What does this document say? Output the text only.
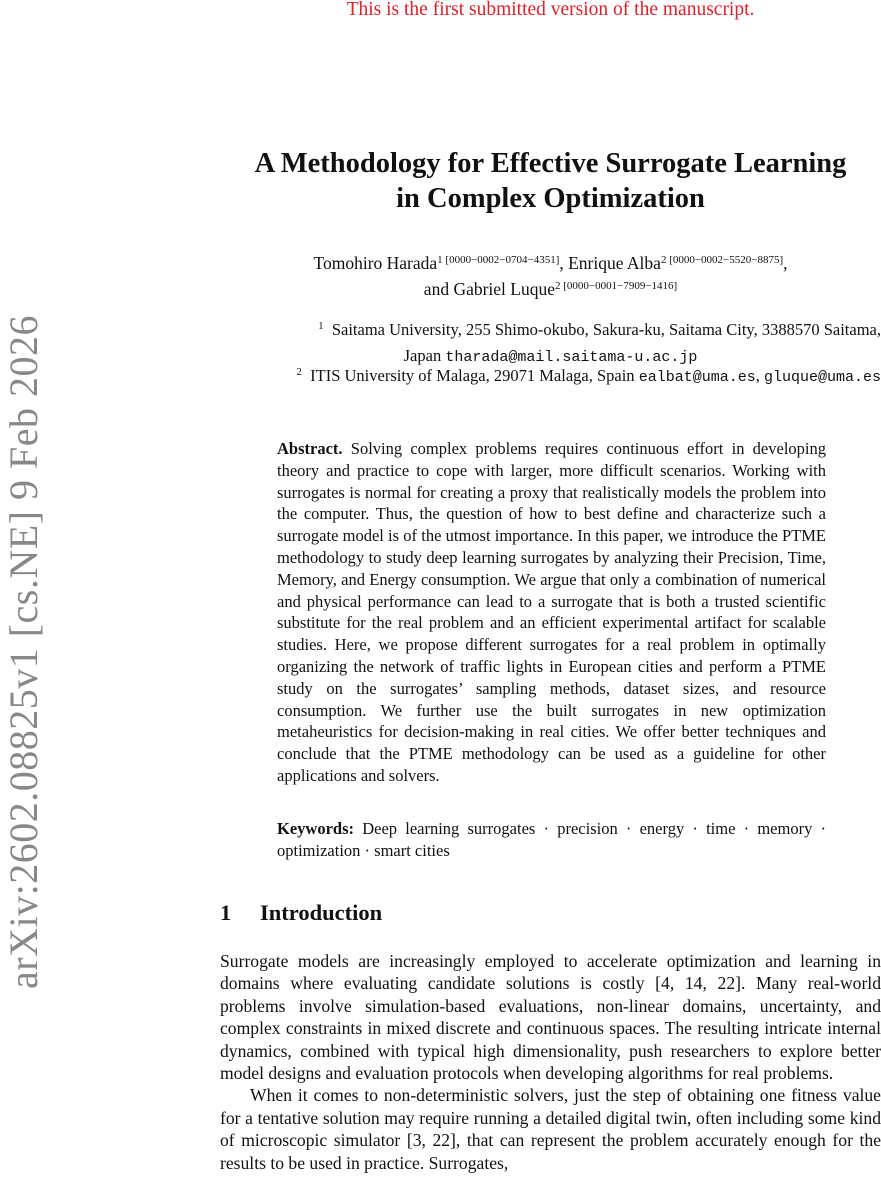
This is the first submitted version of the manuscript.
arXiv:2602.08825v1 [cs.NE] 9 Feb 2026
A Methodology for Effective Surrogate Learning
in Complex Optimization
Tomohiro Harada$^{1 [0000-0002-0704-4351]}$, Enrique Alba$^{2 [0000-0002-5520-8875]}$,
and Gabriel Luque$^{2 [0000-0001-7909-1416]}$
$^1$ Saitama University, 255 Shimo-okubo, Sakura-ku, Saitama City, 3388570 Saitama,
Japan tharada@mail.saitama-u.ac.jp
$^2$ ITIS University of Malaga, 29071 Malaga, Spain ealbat@uma.es, gluque@uma.es
Abstract. Solving complex problems requires continuous effort in developing theory and practice to cope with larger, more difficult scenarios. Working with surrogates is normal for creating a proxy that realistically models the problem into the computer. Thus, the question of how to best define and characterize such a surrogate model is of the utmost importance. In this paper, we introduce the PTME methodology to study deep learning surrogates by analyzing their Precision, Time, Memory, and Energy consumption. We argue that only a combination of numerical and physical performance can lead to a surrogate that is both a trusted scientific substitute for the real problem and an efficient experimental artifact for scalable studies. Here, we propose different surrogates for a real problem in optimally organizing the network of traffic lights in European cities and perform a PTME study on the surrogates’ sampling methods, dataset sizes, and resource consumption. We further use the built surrogates in new optimization metaheuristics for decision-making in real cities. We offer better techniques and conclude that the PTME methodology can be used as a guideline for other applications and solvers.
Keywords: Deep learning surrogates · precision · energy · time · memory · optimization · smart cities
1 Introduction

Surrogate models are increasingly employed to accelerate optimization and learning in domains where evaluating candidate solutions is costly [4, 14, 22]. Many real-world problems involve simulation-based evaluations, non-linear domains, uncertainty, and complex constraints in mixed discrete and continuous spaces. The resulting intricate internal dynamics, combined with typical high dimensionality, push researchers to explore better model designs and evaluation protocols when developing algorithms for real problems.

When it comes to non-deterministic solvers, just the step of obtaining one fitness value for a tentative solution may require running a detailed digital twin, often including some kind of microscopic simulator [3, 22], that can represent the problem accurately enough for the results to be used in practice. Surrogates,
